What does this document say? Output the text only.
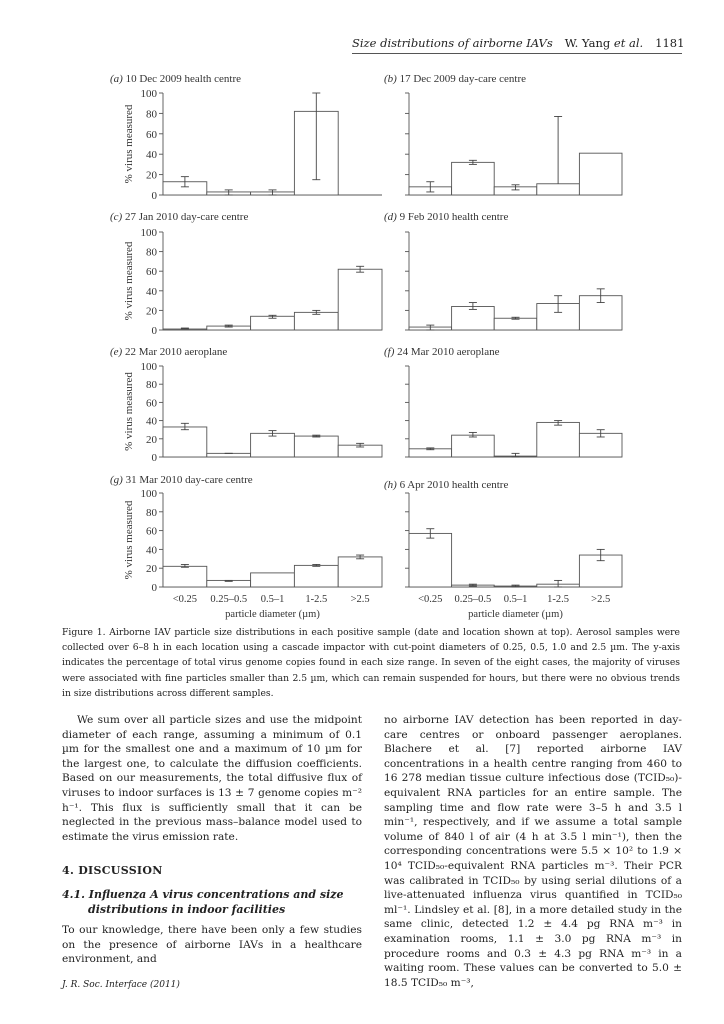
Size distributions of airborne IAVs W. Yang et al. 1181
(a) 10 Dec 2009 health centre
0
20
40
60
80
100
% virus measured
(b) 17 Dec 2009 day-care centre
(c) 27 Jan 2010 day-care centre
0
20
40
60
80
100
% virus measured
(d) 9 Feb 2010 health centre
(e) 22 Mar 2010 aeroplane
0
20
40
60
80
100
% virus measured
(f) 24 Mar 2010 aeroplane
(g) 31 Mar 2010 day-care centre
0
20
40
60
80
100
% virus measured
<0.25 0.25–0.5 0.5–1 1-2.5 >2.5
particle diameter (µm)
(h) 6 Apr 2010 health centre
<0.25 0.25–0.5 0.5–1 1-2.5 >2.5
particle diameter (µm)
Figure 1. Airborne IAV particle size distributions in each positive sample (date and location shown at top). Aerosol samples were collected over 6–8 h in each location using a cascade impactor with cut-point diameters of 0.25, 0.5, 1.0 and 2.5 µm. The y-axis indicates the percentage of total virus genome copies found in each size range. In seven of the eight cases, the majority of viruses were associated with fine particles smaller than 2.5 µm, which can remain suspended for hours, but there were no obvious trends in size distributions across different samples.

We sum over all particle sizes and use the midpoint diameter of each range, assuming a minimum of 0.1 µm for the smallest one and a maximum of 10 µm for the largest one, to calculate the diffusion coefficients. Based on our measurements, the total diffusive flux of viruses to indoor surfaces is 13 ± 7 genome copies m⁻² h⁻¹. This flux is sufficiently small that it can be neglected in the previous mass–balance model used to estimate the virus emission rate.

4. DISCUSSION
4.1. Influenza A virus concentrations and size
distributions in indoor facilities

To our knowledge, there have been only a few studies on the presence of airborne IAVs in a healthcare environment, and

no airborne IAV detection has been reported in day-care centres or onboard passenger aeroplanes. Blachere et al. [7] reported airborne IAV concentrations in a health centre ranging from 460 to 16 278 median tissue culture infectious dose (TCID₅₀)-equivalent RNA particles for an entire sample. The sampling time and flow rate were 3–5 h and 3.5 l min⁻¹, respectively, and if we assume a total sample volume of 840 l of air (4 h at 3.5 l min⁻¹), then the corresponding concentrations were 5.5 × 10² to 1.9 × 10⁴ TCID₅₀-equivalent RNA particles m⁻³. Their PCR was calibrated in TCID₅₀ by using serial dilutions of a live-attenuated influenza virus quantified in TCID₅₀ ml⁻¹. Lindsley et al. [8], in a more detailed study in the same clinic, detected 1.2 ± 4.4 pg RNA m⁻³ in examination rooms, 1.1 ± 3.0 pg RNA m⁻³ in procedure rooms and 0.3 ± 4.3 pg RNA m⁻³ in a waiting room. These values can be converted to 5.0 ± 18.5 TCID₅₀ m⁻³,

J. R. Soc. Interface (2011)
